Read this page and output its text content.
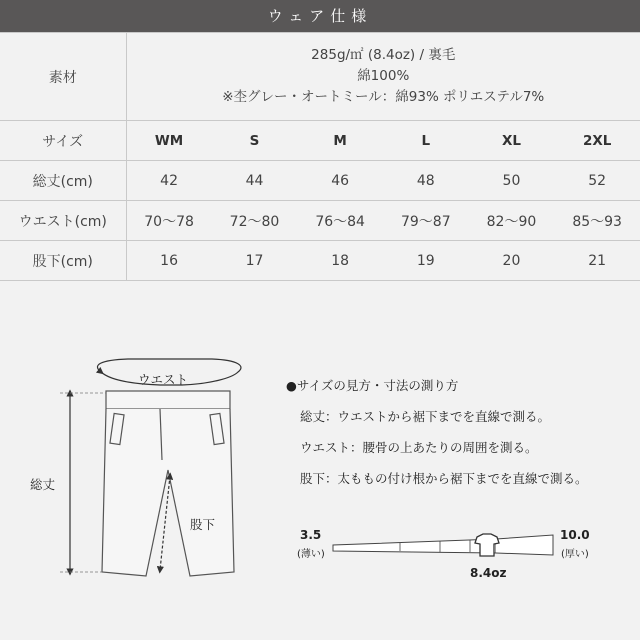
ウェア仕様
素材	285g/㎡ (8.4oz) / 裏毛
綿100%
※杢グレー・オートミール：綿93% ポリエステル7%					

サイズ	WM	S	M	L	XL	2XL
総丈(cm)	42	44	46	48	50	52
ウエスト(cm)	70〜78	72〜80	76〜84	79〜87	82〜90	85〜93
股下(cm)	16	17	18	19	20	21
ウエスト
総丈
股下
●サイズの見方・寸法の測り方
総丈：ウエストから裾下までを直線で測る。
ウエスト：腰骨の上あたりの周囲を測る。
股下：太ももの付け根から裾下までを直線で測る。
3.5
(薄い)
10.0
(厚い)
8.4oz
